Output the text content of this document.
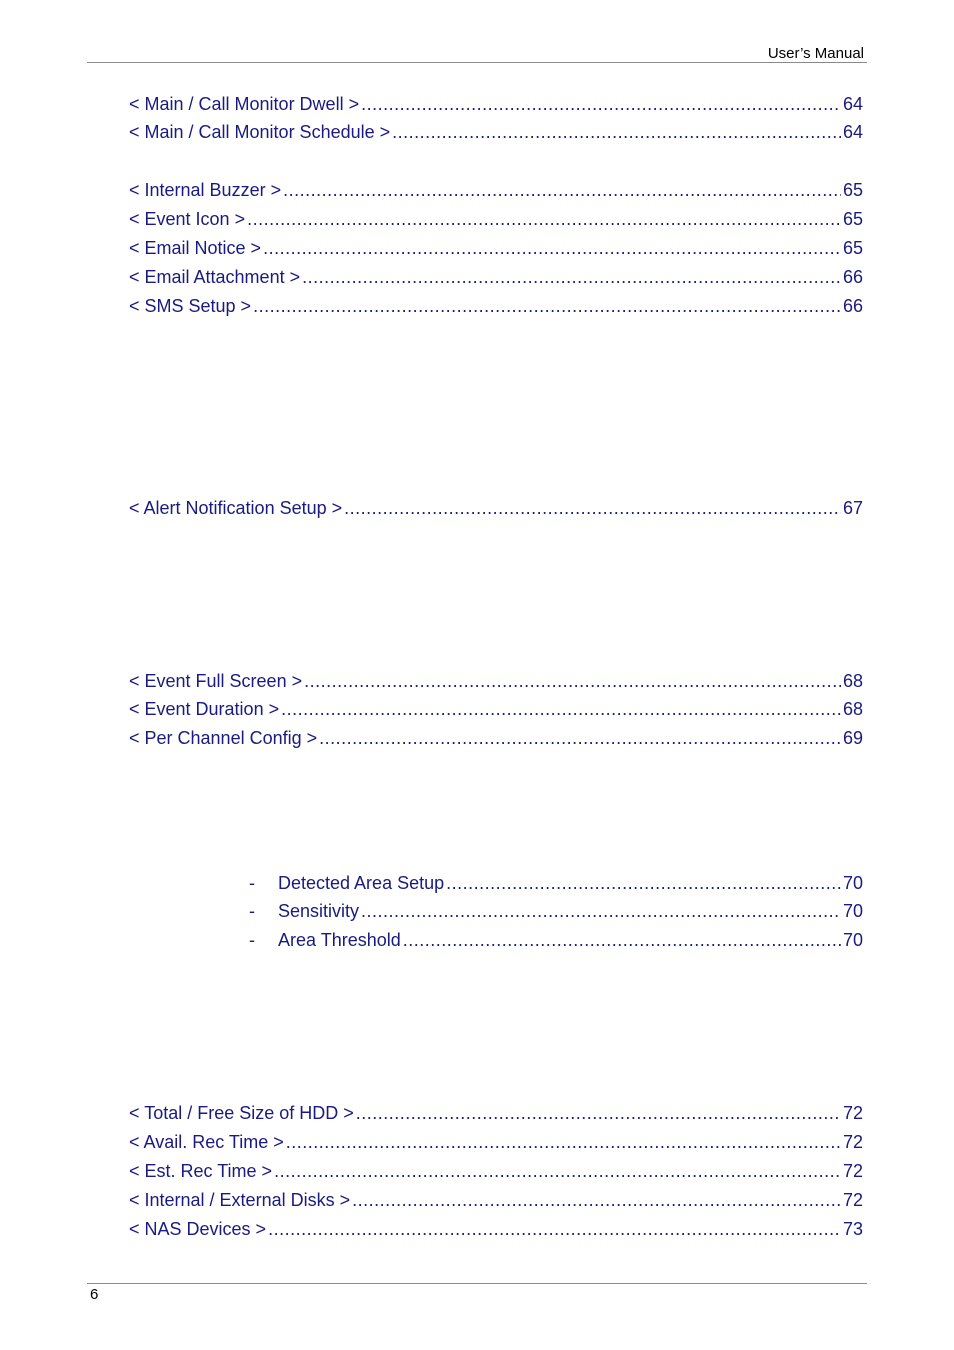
User’s Manual
< Main / Call Monitor Dwell > .....	64
< Main / Call Monitor Schedule > .....	64
< Internal Buzzer > .....	65
< Event Icon > .....	65
< Email Notice > .....	65
< Email Attachment > .....	66
< SMS Setup > .....	66
< Alert Notification Setup > .....	67
< Event Full Screen > .....	68
< Event Duration > .....	68
< Per Channel Config > .....	69
-	Detected Area Setup .....	70
-	Sensitivity .....	70
-	Area Threshold .....	70
< Total / Free Size of HDD > .....	72
< Avail. Rec Time > .....	72
< Est. Rec Time > .....	72
< Internal / External Disks > .....	72
< NAS Devices > .....	73
6
